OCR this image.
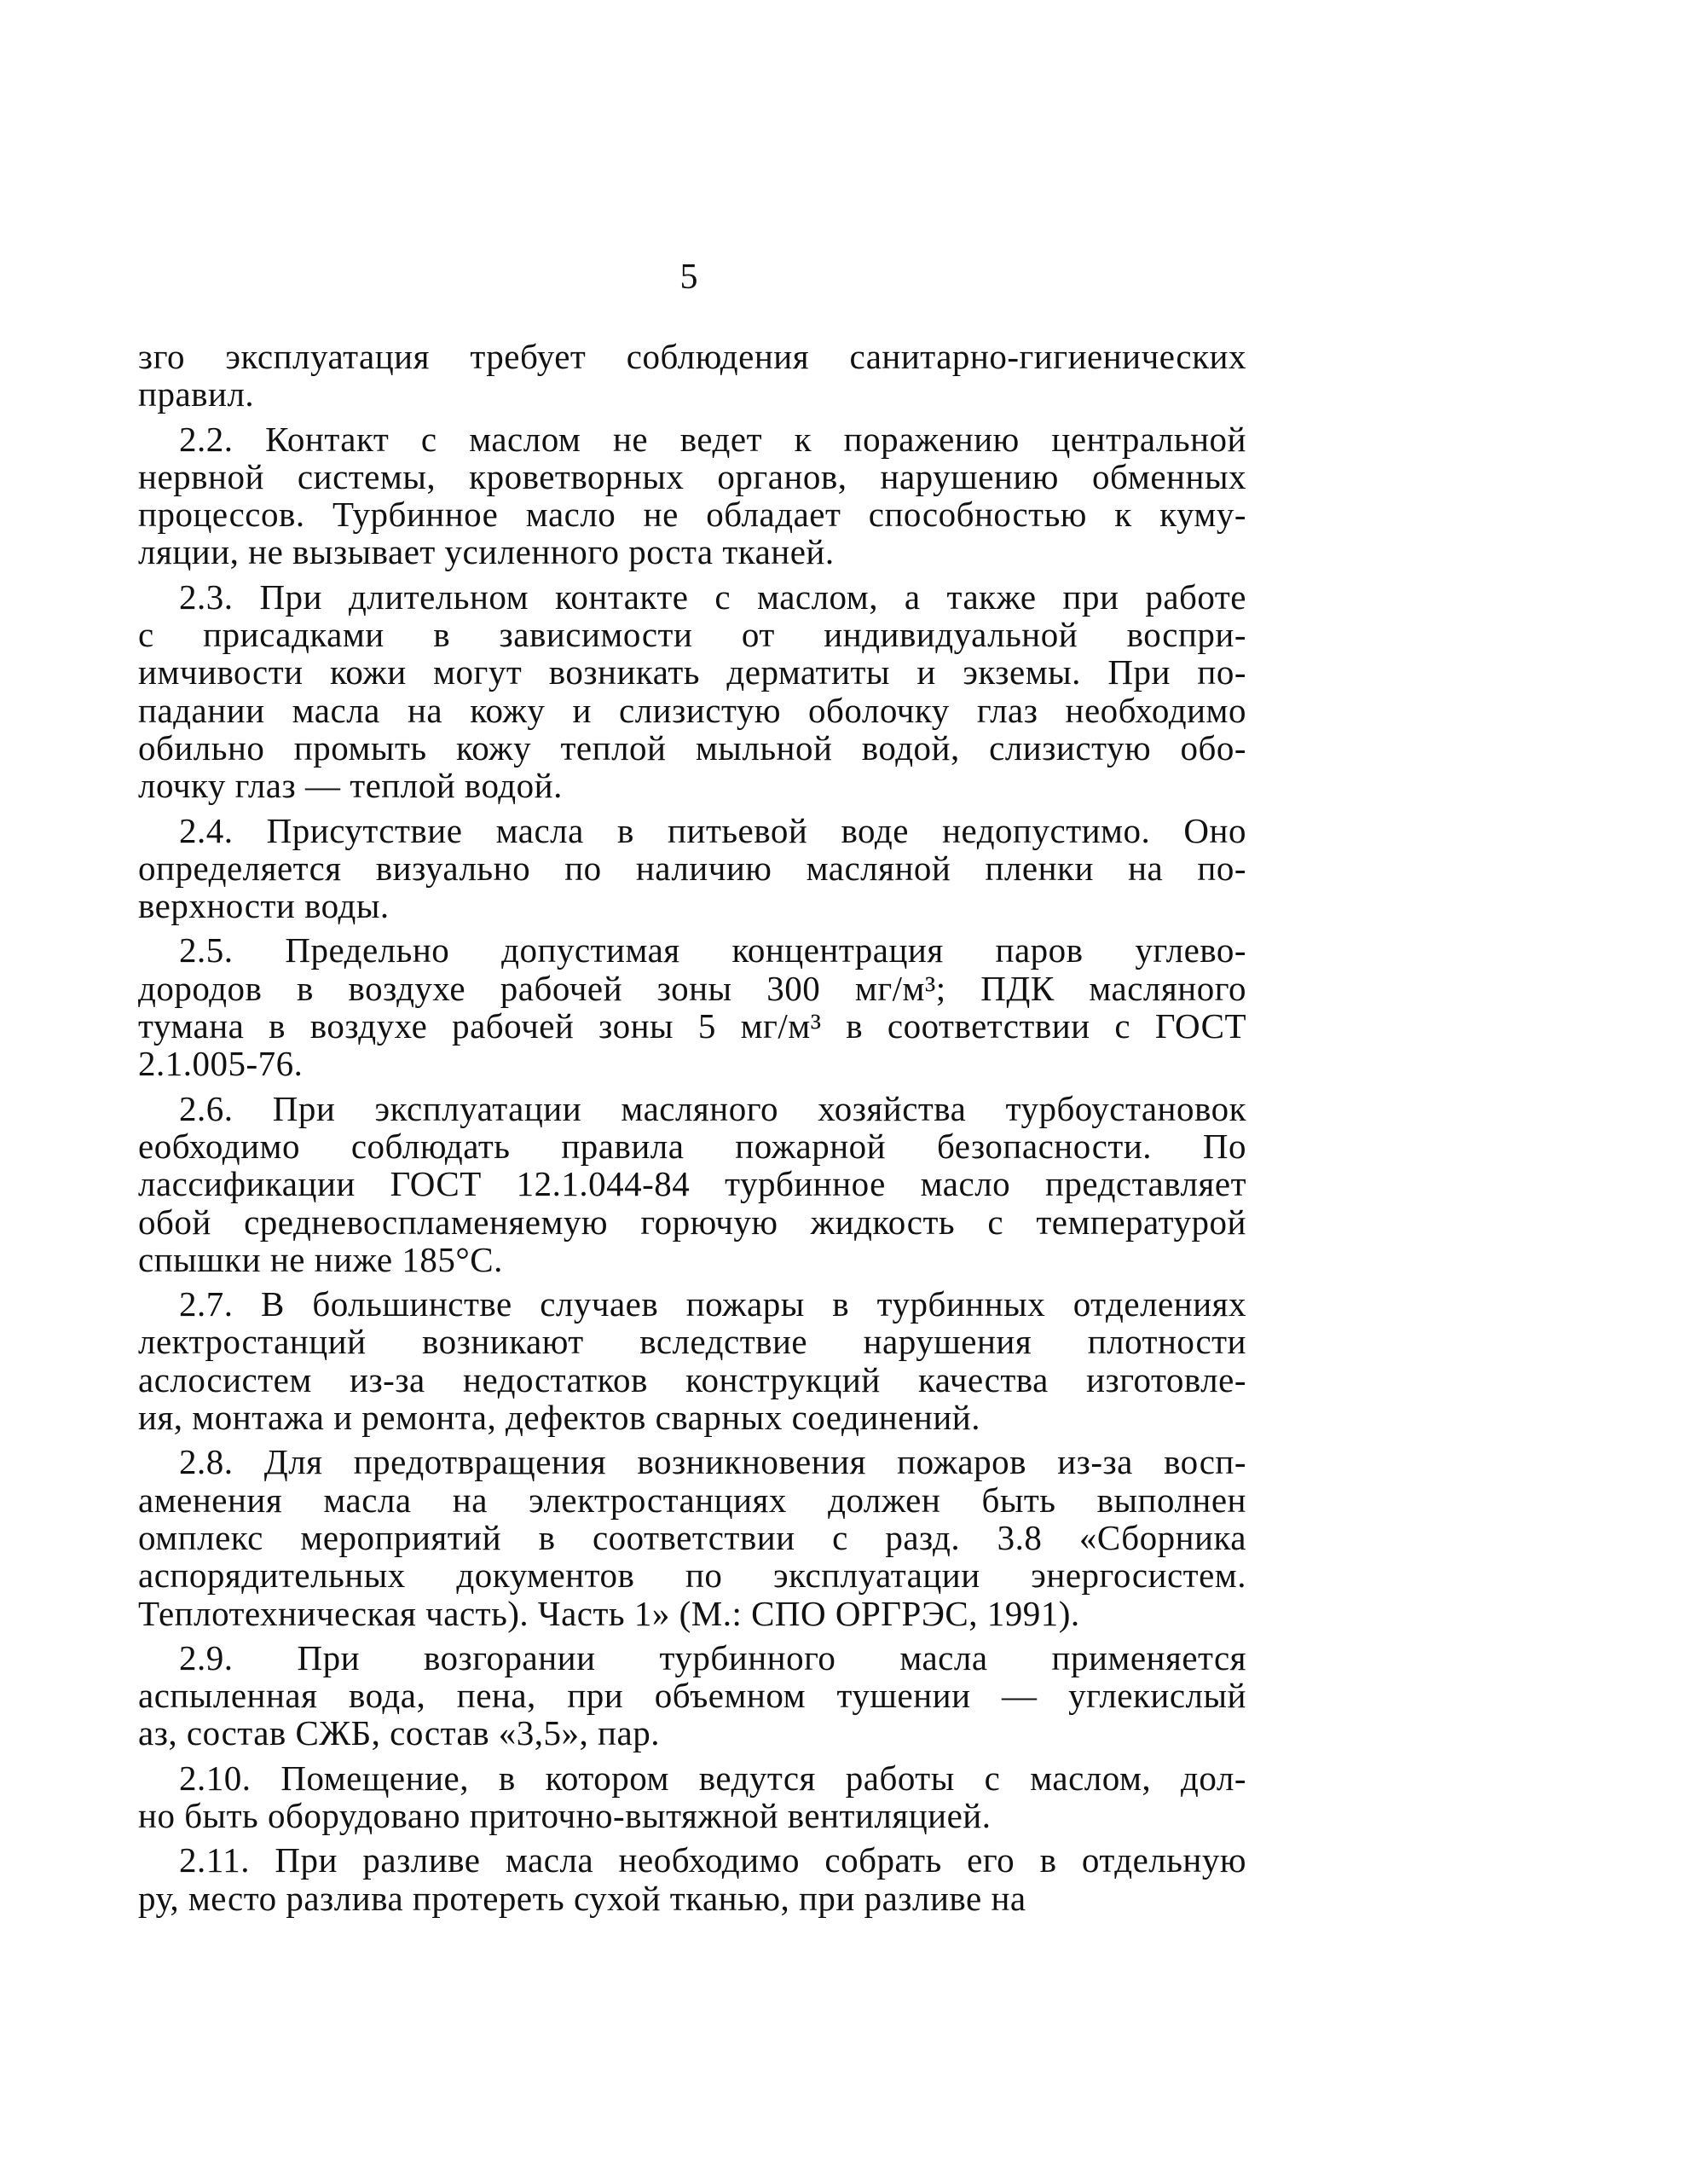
5
ɜго эксплуатация требует соблюдения санитарно-гигиенических
правил.
2.2. Контакт с маслом не ведет к поражению центральной
нервной системы, кроветворных органов, нарушению обменных
процессов. Турбинное масло не обладает способностью к куму-
ляции, не вызывает усиленного роста тканей.
2.3. При длительном контакте с маслом, а также при работе
с присадками в зависимости от индивидуальной воспри-
имчивости кожи могут возникать дерматиты и экземы. При по-
падании масла на кожу и слизистую оболочку глаз необходимо
обильно промыть кожу теплой мыльной водой, слизистую обо-
лочку глаз — теплой водой.
2.4. Присутствие масла в питьевой воде недопустимо. Оно
определяется визуально по наличию масляной пленки на по-
верхности воды.
2.5. Предельно допустимая концентрация паров углево-
дородов в воздухе рабочей зоны 300 мг/м³; ПДК масляного
тумана в воздухе рабочей зоны 5 мг/м³ в соответствии с ГОСТ
2.1.005-76.
2.6. При эксплуатации масляного хозяйства турбоустановок
еобходимо соблюдать правила пожарной безопасности. По
лассификации ГОСТ 12.1.044-84 турбинное масло представляет
обой средневоспламеняемую горючую жидкость с температурой
спышки не ниже 185°С.
2.7. В большинстве случаев пожары в турбинных отделениях
лектростанций возникают вследствие нарушения плотности
аслосистем из-за недостатков конструкций качества изготовле-
ия, монтажа и ремонта, дефектов сварных соединений.
2.8. Для предотвращения возникновения пожаров из-за восп-
аменения масла на электростанциях должен быть выполнен
омплекс мероприятий в соответствии с разд. 3.8 «Сборника
аспорядительных документов по эксплуатации энергосистем.
Теплотехническая часть). Часть 1» (М.: СПО ОРГРЭС, 1991).
2.9. При возгорании турбинного масла применяется
аспыленная вода, пена, при объемном тушении — углекислый
аз, состав СЖБ, состав «3,5», пар.
2.10. Помещение, в котором ведутся работы с маслом, дол-
но быть оборудовано приточно-вытяжной вентиляцией.
2.11. При разливе масла необходимо собрать его в отдельную
ру, место разлива протереть сухой тканью, при разливе на
